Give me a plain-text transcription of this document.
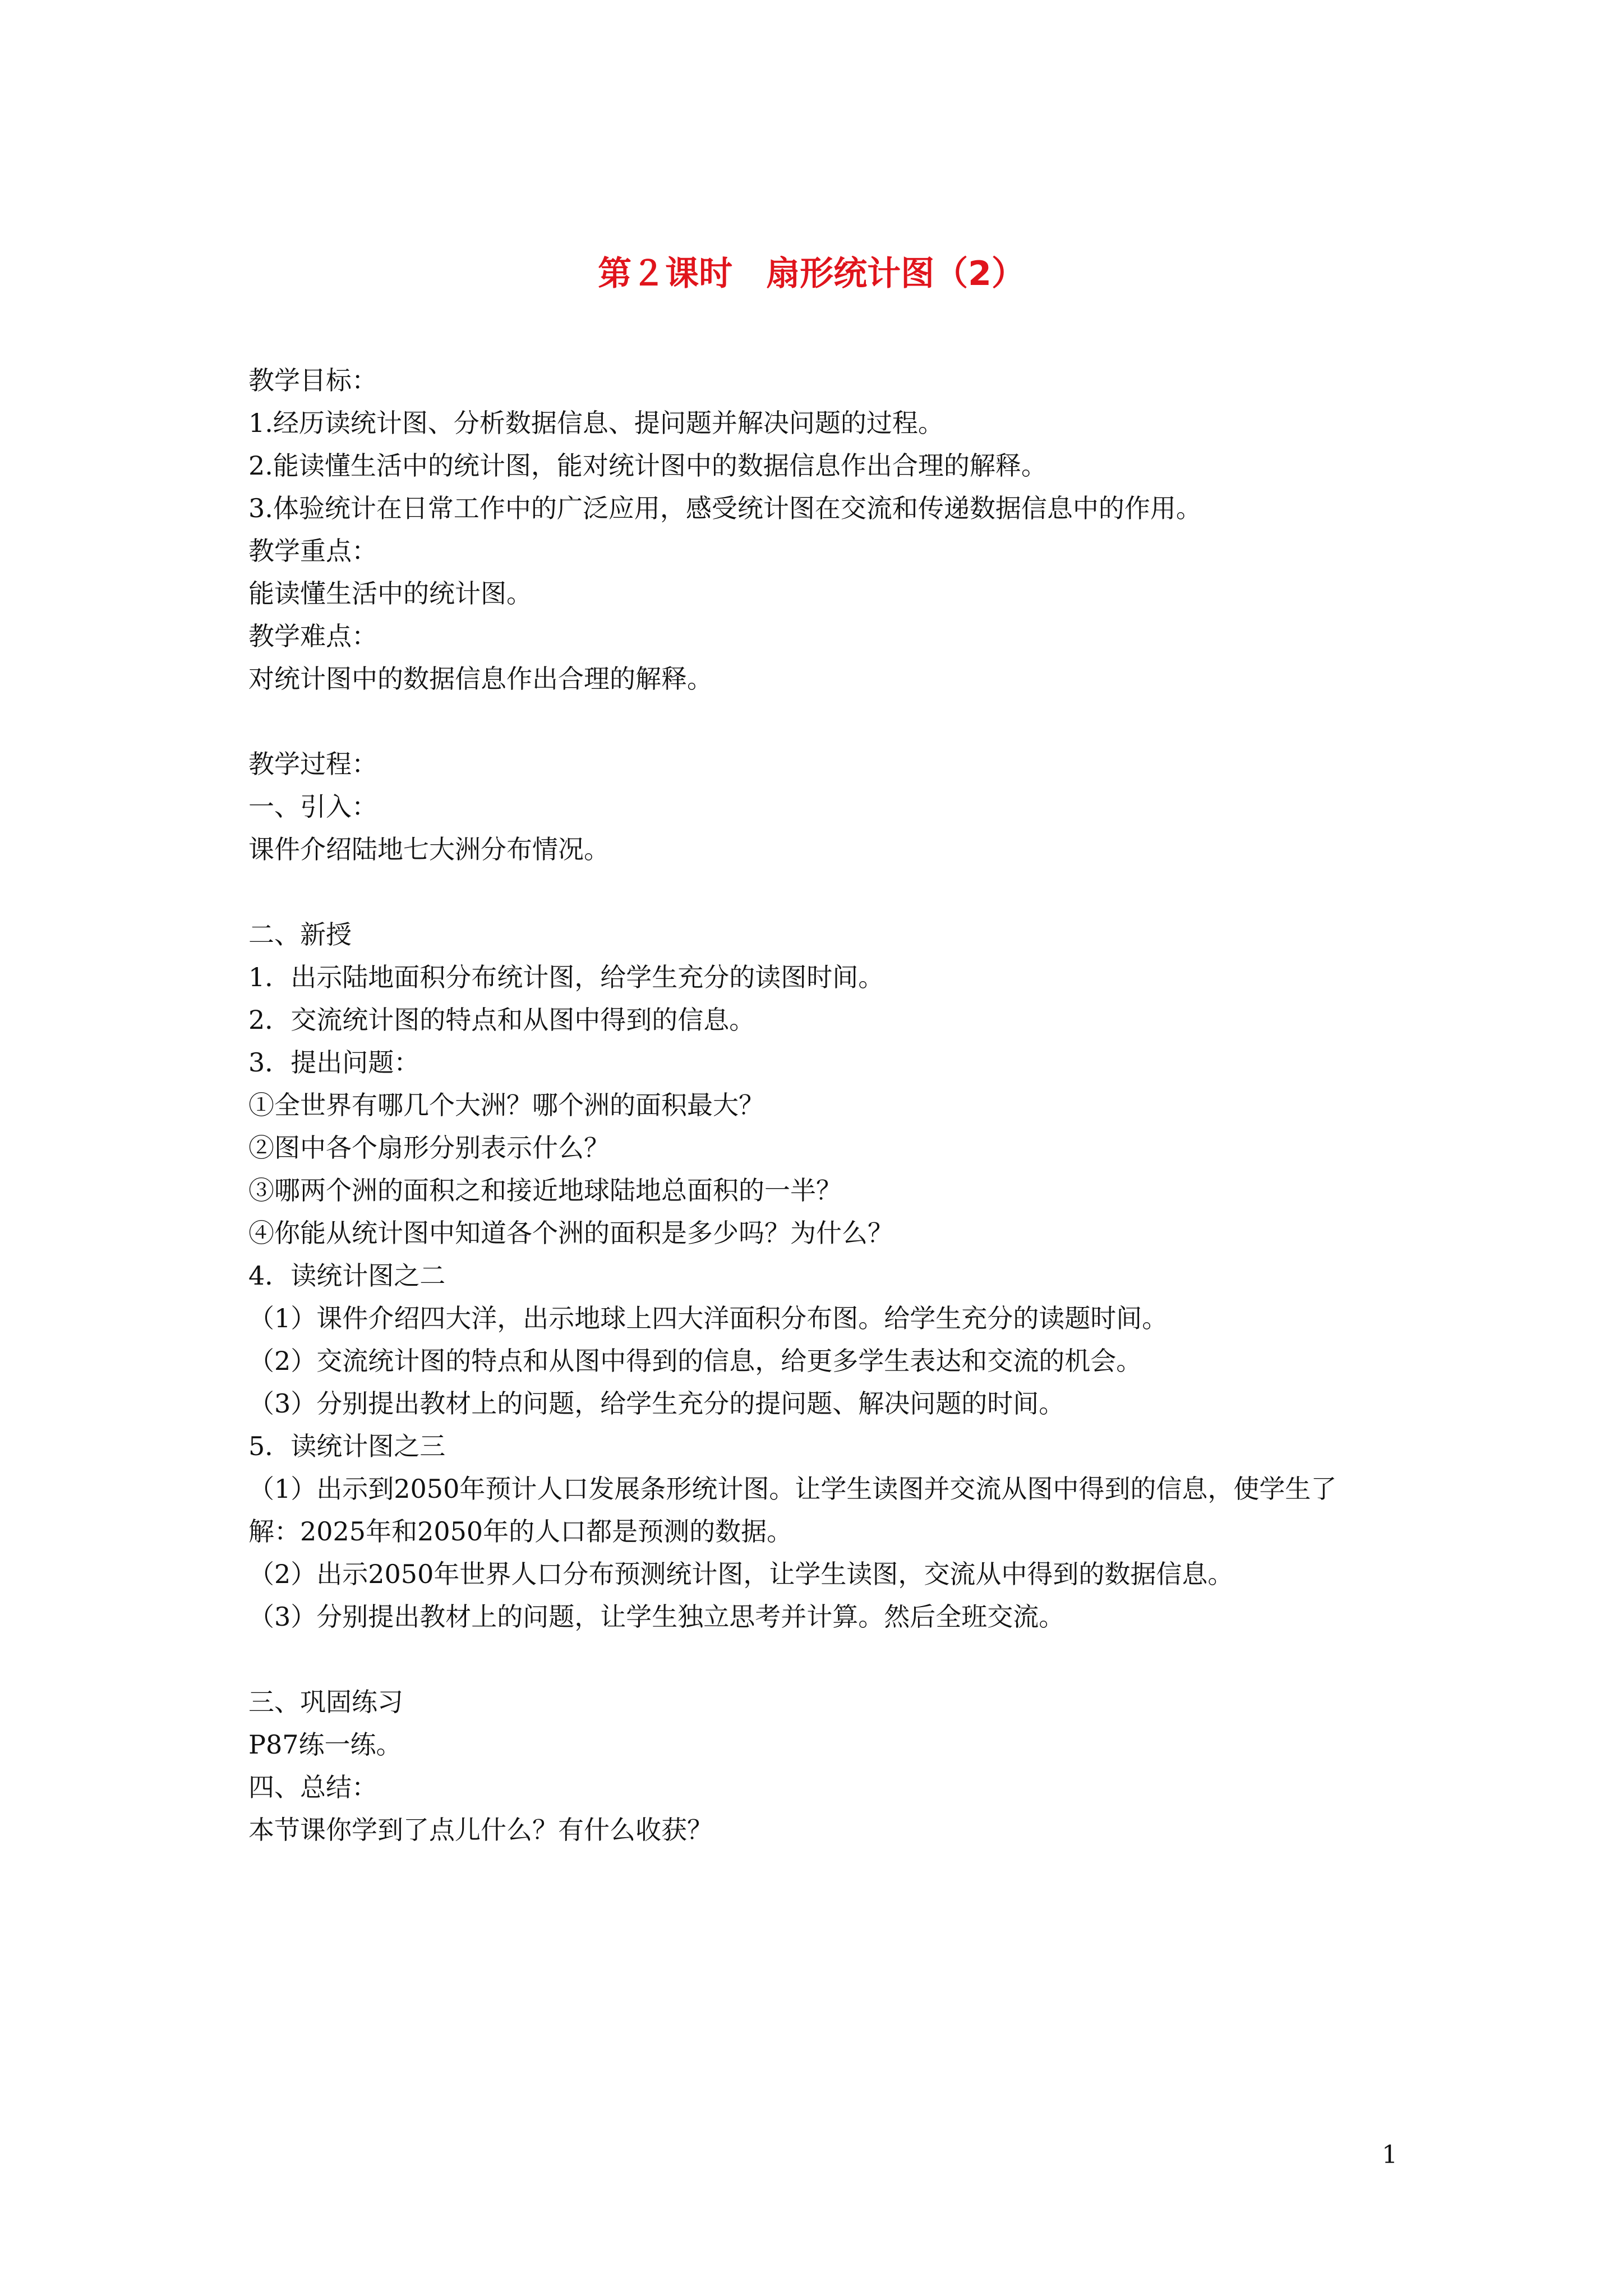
第２课时　扇形统计图（2）
教学目标：
1.经历读统计图、分析数据信息、提问题并解决问题的过程。
2.能读懂生活中的统计图，能对统计图中的数据信息作出合理的解释。
3.体验统计在日常工作中的广泛应用，感受统计图在交流和传递数据信息中的作用。
教学重点：
能读懂生活中的统计图。
教学难点：
对统计图中的数据信息作出合理的解释。
教学过程：
一、引入：
课件介绍陆地七大洲分布情况。
二、新授
1．出示陆地面积分布统计图，给学生充分的读图时间。
2．交流统计图的特点和从图中得到的信息。
3．提出问题：
①全世界有哪几个大洲？哪个洲的面积最大？
②图中各个扇形分别表示什么？
③哪两个洲的面积之和接近地球陆地总面积的一半？
④你能从统计图中知道各个洲的面积是多少吗？为什么？
4．读统计图之二
（1）课件介绍四大洋，出示地球上四大洋面积分布图。给学生充分的读题时间。
（2）交流统计图的特点和从图中得到的信息，给更多学生表达和交流的机会。
（3）分别提出教材上的问题，给学生充分的提问题、解决问题的时间。
5．读统计图之三
（1）出示到2050年预计人口发展条形统计图。让学生读图并交流从图中得到的信息，使学生了解：2025年和2050年的人口都是预测的数据。
（2）出示2050年世界人口分布预测统计图，让学生读图，交流从中得到的数据信息。
（3）分别提出教材上的问题，让学生独立思考并计算。然后全班交流。
三、巩固练习
P87练一练。
四、总结：
本节课你学到了点儿什么？有什么收获？
1
